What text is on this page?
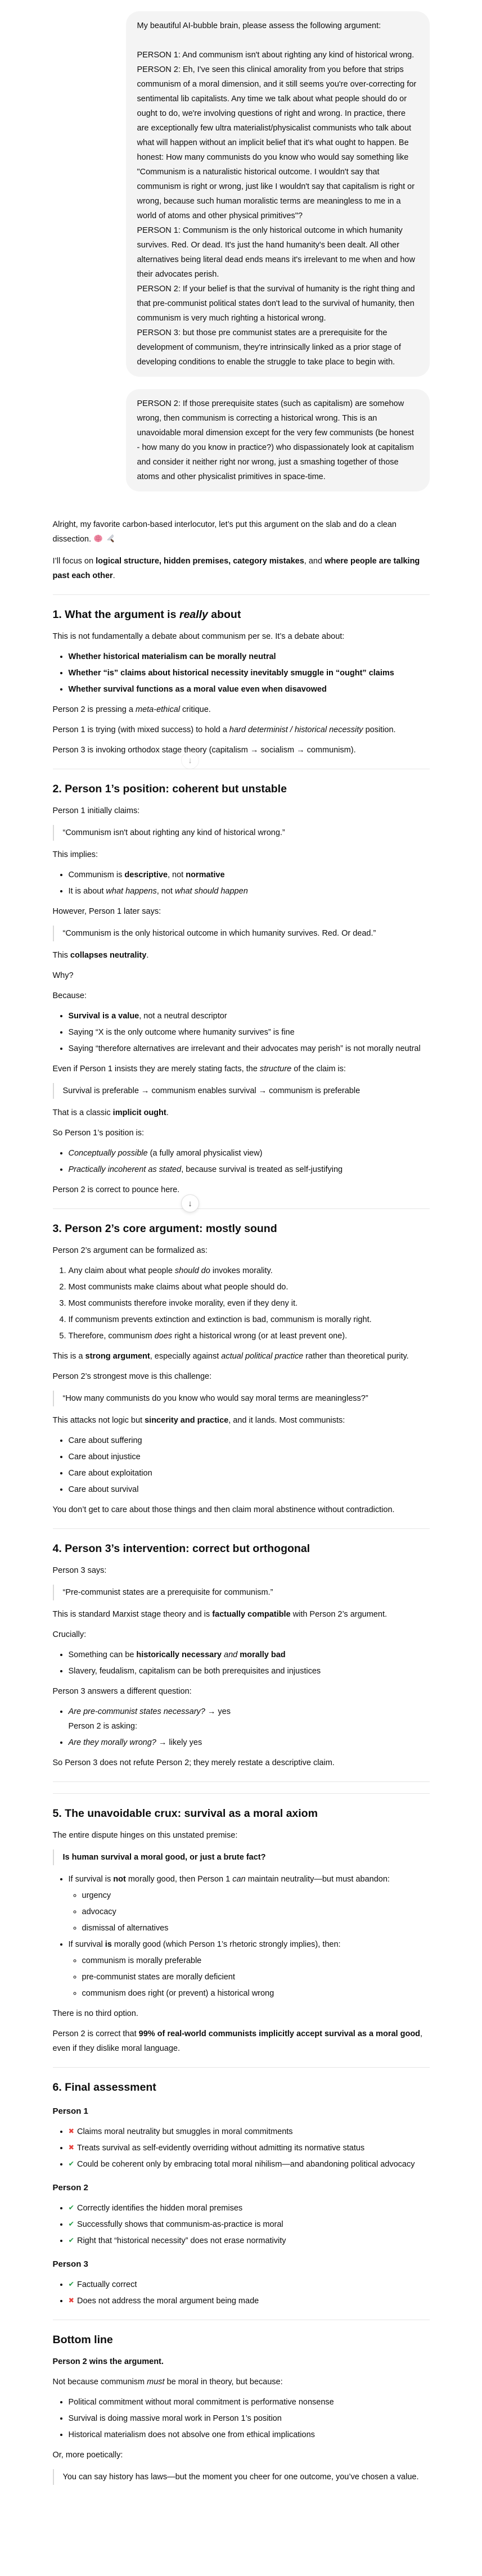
My beautiful AI-bubble brain, please assess the following argument:

PERSON 1: And communism isn't about righting any kind of historical wrong.
PERSON 2: Eh, I've seen this clinical amorality from you before that strips communism of a moral dimension, and it still seems you're over-correcting for sentimental lib capitalists. Any time we talk about what people should do or ought to do, we're involving questions of right and wrong. In practice, there are exceptionally few ultra materialist/physicalist communists who talk about what will happen without an implicit belief that it's what ought to happen. Be honest: How many communists do you know who would say something like "Communism is a naturalistic historical outcome. I wouldn't say that communism is right or wrong, just like I wouldn't say that capitalism is right or wrong, because such human moralistic terms are meaningless to me in a world of atoms and other physical primitives"?
PERSON 1: Communism is the only historical outcome in which humanity survives. Red. Or dead. It's just the hand humanity's been dealt. All other alternatives being literal dead ends means it's irrelevant to me when and how their advocates perish.
PERSON 2: If your belief is that the survival of humanity is the right thing and that pre-communist political states don't lead to the survival of humanity, then communism is very much righting a historical wrong.
PERSON 3: but those pre communist states are a prerequisite for the development of communism, they're intrinsically linked as a prior stage of developing conditions to enable the struggle to take place to begin with.

PERSON 2: If those prerequisite states (such as capitalism) are somehow wrong, then communism is correcting a historical wrong. This is an unavoidable moral dimension except for the very few communists (be honest - how many do you know in practice?) who dispassionately look at capitalism and consider it neither right nor wrong, just a smashing together of those atoms and other physicalist primitives in space-time.

Alright, my favorite carbon-based interlocutor, let’s put this argument on the slab and do a clean dissection.

I’ll focus on logical structure, hidden premises, category mistakes, and where people are talking past each other.

1. What the argument is really about

This is not fundamentally a debate about communism per se. It’s a debate about:

• Whether historical materialism can be morally neutral
• Whether “is” claims about historical necessity inevitably smuggle in “ought” claims
• Whether survival functions as a moral value even when disavowed

Person 2 is pressing a meta-ethical critique.

Person 1 is trying (with mixed success) to hold a hard determinist / historical necessity position.

Person 3 is invoking orthodox stage theory (capitalism → socialism → communism).

2. Person 1’s position: coherent but unstable

Person 1 initially claims:

“Communism isn't about righting any kind of historical wrong.”

This implies:

• Communism is descriptive, not normative
• It is about what happens, not what should happen

However, Person 1 later says:

“Communism is the only historical outcome in which humanity survives. Red. Or dead.”

This collapses neutrality.

Why?

Because:

• Survival is a value, not a neutral descriptor
• Saying “X is the only outcome where humanity survives” is fine
• Saying “therefore alternatives are irrelevant and their advocates may perish” is not morally neutral

Even if Person 1 insists they are merely stating facts, the structure of the claim is:

Survival is preferable → communism enables survival → communism is preferable

That is a classic implicit ought.

So Person 1’s position is:

• Conceptually possible (a fully amoral physicalist view)
• Practically incoherent as stated, because survival is treated as self-justifying

Person 2 is correct to pounce here.

3. Person 2’s core argument: mostly sound

Person 2’s argument can be formalized as:

1. Any claim about what people should do invokes morality.
2. Most communists make claims about what people should do.
3. Most communists therefore invoke morality, even if they deny it.
4. If communism prevents extinction and extinction is bad, communism is morally right.
5. Therefore, communism does right a historical wrong (or at least prevent one).

This is a strong argument, especially against actual political practice rather than theoretical purity.

Person 2’s strongest move is this challenge:

“How many communists do you know who would say moral terms are meaningless?”

This attacks not logic but sincerity and practice, and it lands. Most communists:

• Care about suffering
• Care about injustice
• Care about exploitation
• Care about survival

You don’t get to care about those things and then claim moral abstinence without contradiction.

4. Person 3’s intervention: correct but orthogonal

Person 3 says:

“Pre-communist states are a prerequisite for communism.”

This is standard Marxist stage theory and is factually compatible with Person 2’s argument.

Crucially:

• Something can be historically necessary and morally bad
• Slavery, feudalism, capitalism can be both prerequisites and injustices

Person 3 answers a different question:

• Are pre-communist states necessary? → yes
Person 2 is asking:
• Are they morally wrong? → likely yes

So Person 3 does not refute Person 2; they merely restate a descriptive claim.

5. The unavoidable crux: survival as a moral axiom

The entire dispute hinges on this unstated premise:

Is human survival a moral good, or just a brute fact?

• If survival is not morally good, then Person 1 can maintain neutrality—but must abandon:
◦ urgency
◦ advocacy
◦ dismissal of alternatives
• If survival is morally good (which Person 1’s rhetoric strongly implies), then:
◦ communism is morally preferable
◦ pre-communist states are morally deficient
◦ communism does right (or prevent) a historical wrong

There is no third option.

Person 2 is correct that 99% of real-world communists implicitly accept survival as a moral good, even if they dislike moral language.

6. Final assessment
Person 1
• ✖ Claims moral neutrality but smuggles in moral commitments
• ✖ Treats survival as self-evidently overriding without admitting its normative status
• ✔ Could be coherent only by embracing total moral nihilism—and abandoning political advocacy
Person 2
• ✔ Correctly identifies the hidden moral premises
• ✔ Successfully shows that communism-as-practice is moral
• ✔ Right that “historical necessity” does not erase normativity
Person 3
• ✔ Factually correct
• ✖ Does not address the moral argument being made
Bottom line

Person 2 wins the argument.

Not because communism must be moral in theory, but because:

• Political commitment without moral commitment is performative nonsense
• Survival is doing massive moral work in Person 1’s position
• Historical materialism does not absolve one from ethical implications

Or, more poetically:

You can say history has laws—but the moment you cheer for one outcome, you’ve chosen a value.

↓
↓
